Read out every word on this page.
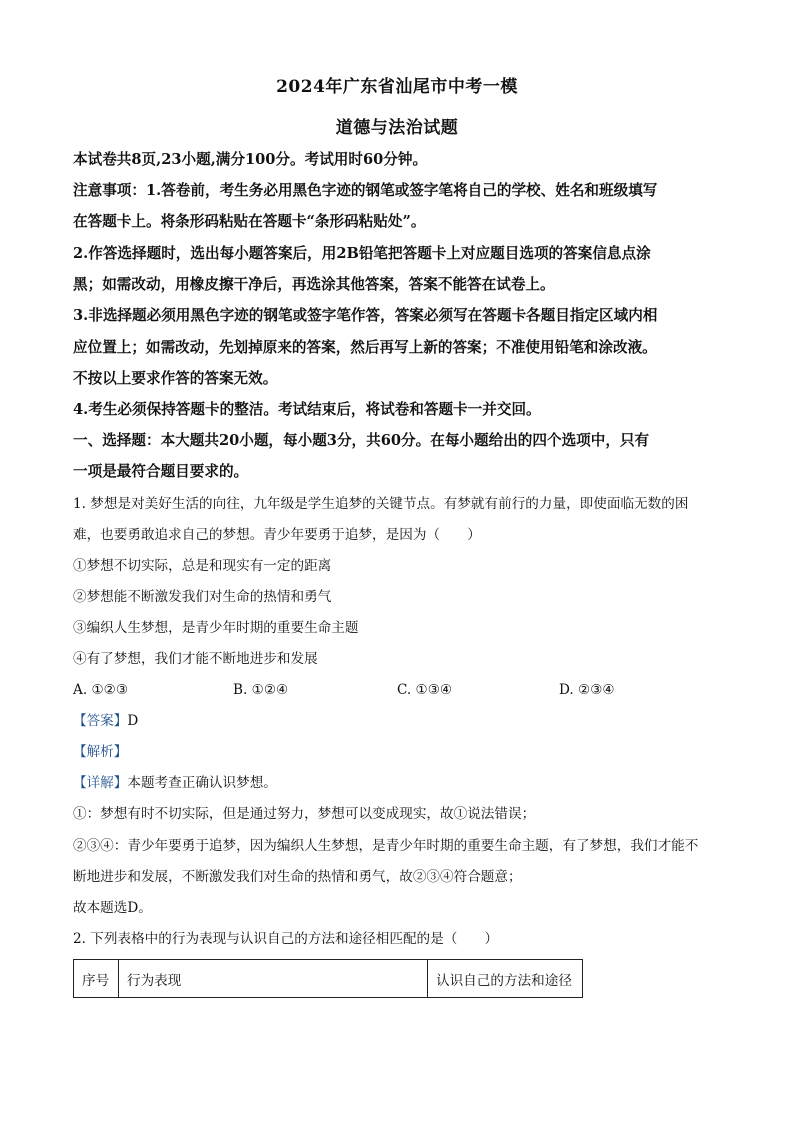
2024年广东省汕尾市中考一模
道德与法治试题
本试卷共8页,23小题,满分100分。考试用时60分钟。
注意事项：1.答卷前，考生务必用黑色字迹的钢笔或签字笔将自己的学校、姓名和班级填写
在答题卡上。将条形码粘贴在答题卡“条形码粘贴处”。
2.作答选择题时，选出每小题答案后，用2B铅笔把答题卡上对应题目选项的答案信息点涂
黑；如需改动，用橡皮擦干净后，再选涂其他答案，答案不能答在试卷上。
3.非选择题必须用黑色字迹的钢笔或签字笔作答，答案必须写在答题卡各题目指定区域内相
应位置上；如需改动，先划掉原来的答案，然后再写上新的答案；不准使用铅笔和涂改液。
不按以上要求作答的答案无效。
4.考生必须保持答题卡的整洁。考试结束后，将试卷和答题卡一并交回。
一、选择题：本大题共20小题，每小题3分，共60分。在每小题给出的四个选项中，只有
一项是最符合题目要求的。
1. 梦想是对美好生活的向往，九年级是学生追梦的关键节点。有梦就有前行的力量，即使面临无数的困
难，也要勇敢追求自己的梦想。青少年要勇于追梦，是因为（　　）
①梦想不切实际，总是和现实有一定的距离
②梦想能不断激发我们对生命的热情和勇气
③编织人生梦想，是青少年时期的重要生命主题
④有了梦想，我们才能不断地进步和发展
A. ①②③	B. ①②④	C. ①③④	D. ②③④
【答案】D
【解析】
【详解】本题考查正确认识梦想。
①：梦想有时不切实际，但是通过努力，梦想可以变成现实，故①说法错误；
②③④：青少年要勇于追梦，因为编织人生梦想，是青少年时期的重要生命主题，有了梦想，我们才能不
断地进步和发展，不断激发我们对生命的热情和勇气，故②③④符合题意；
故本题选D。
2. 下列表格中的行为表现与认识自己的方法和途径相匹配的是（　　）
序号	行为表现	认识自己的方法和途径
